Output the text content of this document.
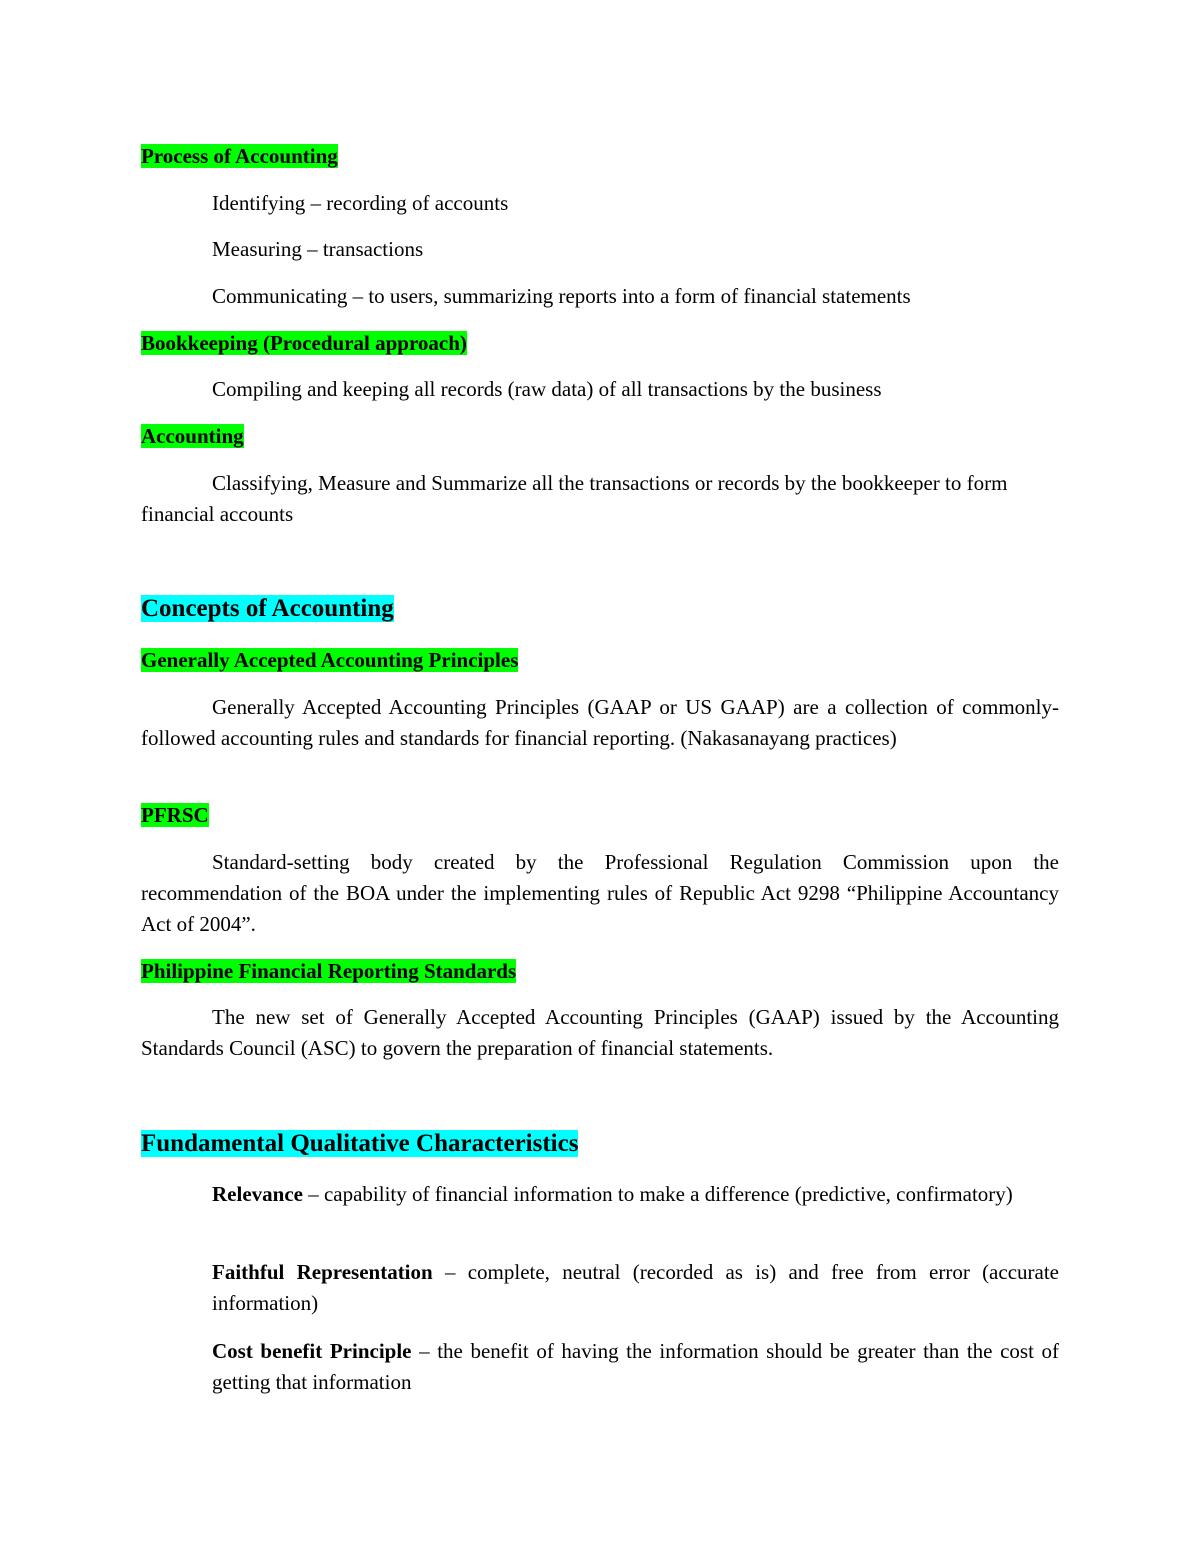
Process of Accounting

Identifying – recording of accounts

Measuring – transactions

Communicating – to users, summarizing reports into a form of financial statements

Bookkeeping (Procedural approach)

Compiling and keeping all records (raw data) of all transactions by the business

Accounting

Classifying, Measure and Summarize all the transactions or records by the bookkeeper to form financial accounts

Concepts of Accounting

Generally Accepted Accounting Principles

Generally Accepted Accounting Principles (GAAP or US GAAP) are a collection of commonly-followed accounting rules and standards for financial reporting. (Nakasanayang practices)

PFRSC

Standard-setting body created by the Professional Regulation Commission upon the recommendation of the BOA under the implementing rules of Republic Act 9298 “Philippine Accountancy Act of 2004”.

Philippine Financial Reporting Standards

The new set of Generally Accepted Accounting Principles (GAAP) issued by the Accounting Standards Council (ASC) to govern the preparation of financial statements.

Fundamental Qualitative Characteristics

Relevance – capability of financial information to make a difference (predictive, confirmatory)

Faithful Representation – complete, neutral (recorded as is) and free from error (accurate information)

Cost benefit Principle – the benefit of having the information should be greater than the cost of getting that information
